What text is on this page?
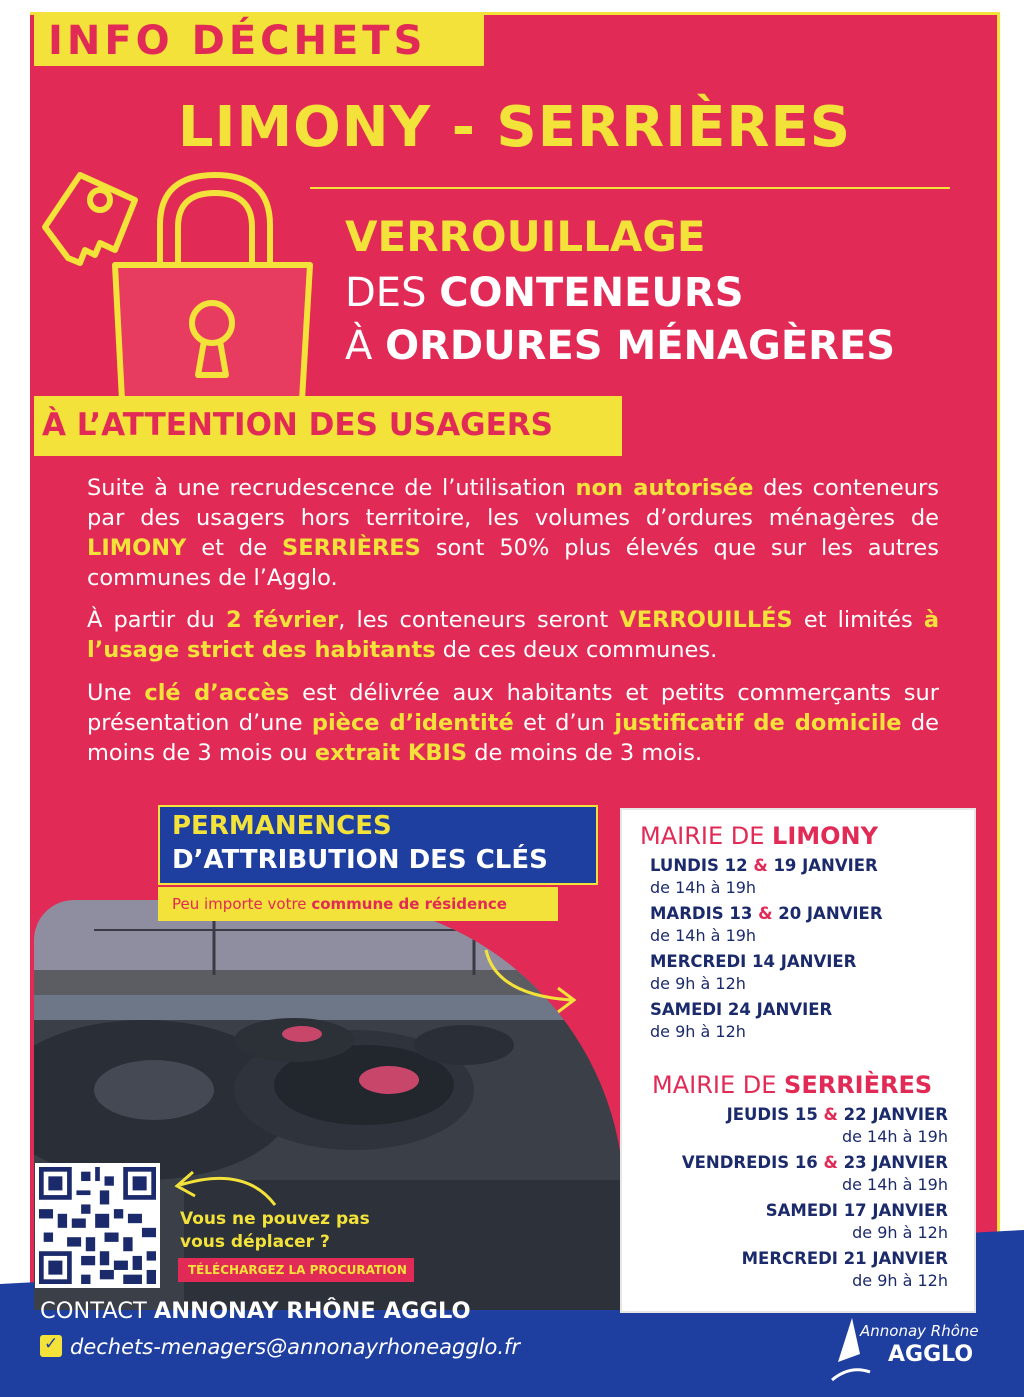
INFO DÉCHETS
LIMONY - SERRIÈRES
VERROUILLAGE
DES CONTENEURS
À ORDURES MÉNAGÈRES
À L’ATTENTION DES USAGERS
Suite à une recrudescence de l’utilisation non autorisée des conteneurs par des usagers hors territoire, les volumes d’ordures ménagères de LIMONY et de SERRIÈRES sont 50% plus élevés que sur les autres communes de l’Agglo.
À partir du 2 février, les conteneurs seront VERROUILLÉS et limités à l’usage strict des habitants de ces deux communes.
Une clé d’accès est délivrée aux habitants et petits commerçants sur présentation d’une pièce d’identité et d’un justificatif de domicile de moins de 3 mois ou extrait KBIS de moins de 3 mois.
PERMANENCES
D’ATTRIBUTION DES CLÉS
Peu importe votre commune de résidence
Vous ne pouvez pas
vous déplacer ?
TÉLÉCHARGEZ LA PROCURATION
MAIRIE DE LIMONY
LUNDIS 12 & 19 JANVIER
de 14h à 19h
MARDIS 13 & 20 JANVIER
de 14h à 19h
MERCREDI 14 JANVIER
de 9h à 12h
SAMEDI 24 JANVIER
de 9h à 12h
MAIRIE DE SERRIÈRES
JEUDIS 15 & 22 JANVIER
de 14h à 19h
VENDREDIS 16 & 23 JANVIER
de 14h à 19h
SAMEDI 17 JANVIER
de 9h à 12h
MERCREDI 21 JANVIER
de 9h à 12h
CONTACT ANNONAY RHÔNE AGGLO
✓dechets-menagers@annonayrhoneagglo.fr
Annonay Rhône
AGGLO
